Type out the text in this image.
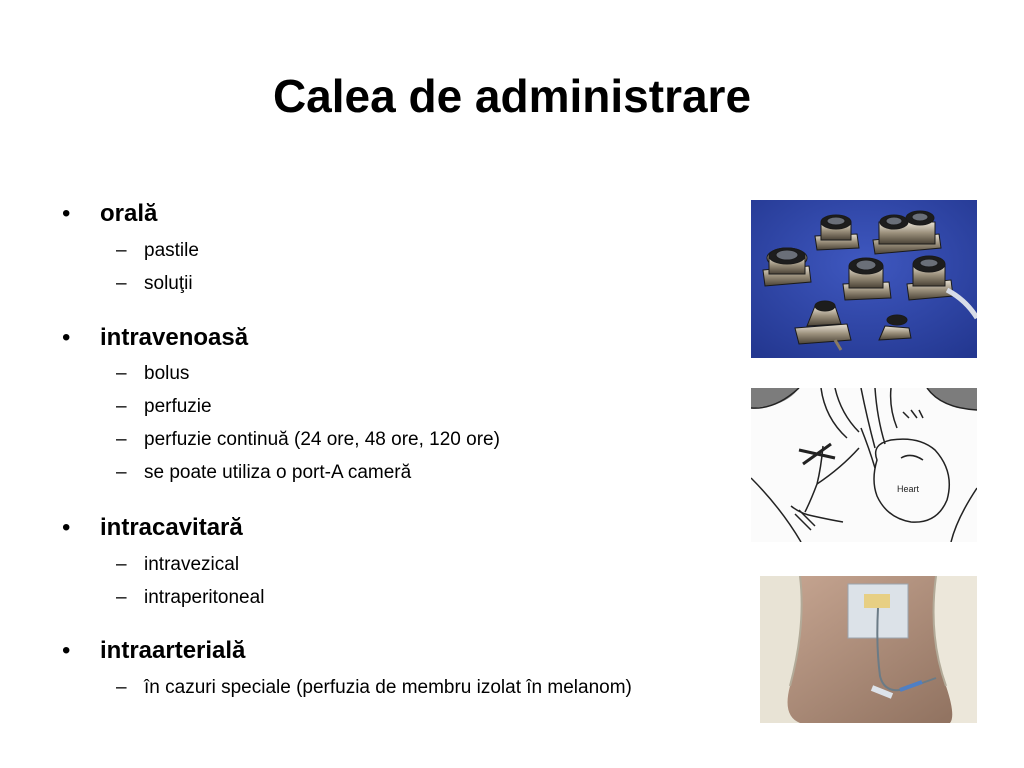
Calea de administrare
•	orală
– pastile
– soluţii
•	intravenoasă
– bolus
– perfuzie
– perfuzie continuă (24 ore, 48 ore, 120 ore)
– se poate utiliza o port-A cameră
•	intracavitară
– intravezical
– intraperitoneal
•	intraarterială
– în cazuri speciale (perfuzia de membru izolat în melanom)
Heart
